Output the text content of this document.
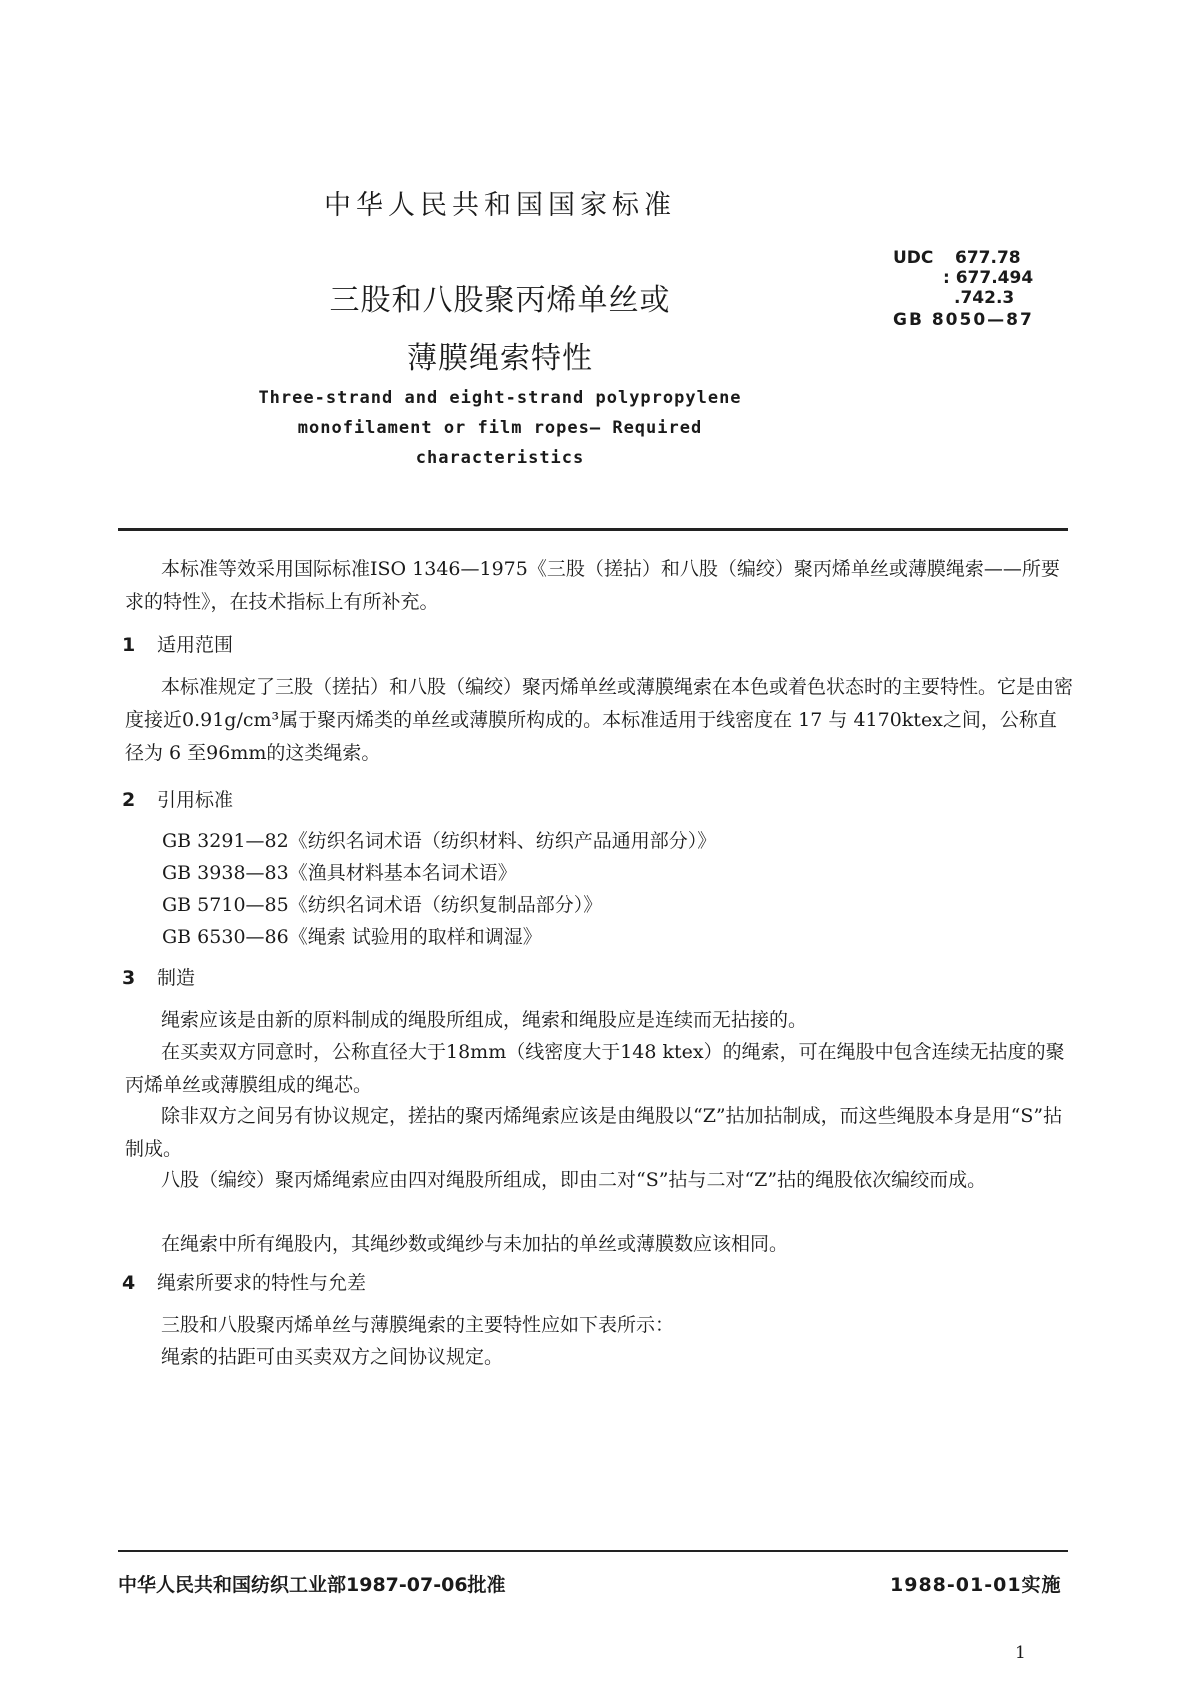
中华人民共和国国家标准
三股和八股聚丙烯单丝或
薄膜绳索特性
Three-strand and eight-strand polypropylene
monofilament or film ropes— Required
characteristics
UDC 677.78
: 677.494
.742.3
GB 8050—87
本标准等效采用国际标准ISO 1346—1975《三股（搓拈）和八股（编绞）聚丙烯单丝或薄膜绳索——所要求的特性》，在技术指标上有所补充。
1 适用范围
本标准规定了三股（搓拈）和八股（编绞）聚丙烯单丝或薄膜绳索在本色或着色状态时的主要特性。它是由密度接近0.91g/cm³属于聚丙烯类的单丝或薄膜所构成的。本标准适用于线密度在 17 与 4170ktex之间，公称直径为 6 至96mm的这类绳索。
2 引用标准
GB 3291—82《纺织名词术语（纺织材料、纺织产品通用部分）》
GB 3938—83《渔具材料基本名词术语》
GB 5710—85《纺织名词术语（纺织复制品部分）》
GB 6530—86《绳索 试验用的取样和调湿》
3 制造
绳索应该是由新的原料制成的绳股所组成，绳索和绳股应是连续而无拈接的。
在买卖双方同意时，公称直径大于18mm（线密度大于148 ktex）的绳索，可在绳股中包含连续无拈度的聚丙烯单丝或薄膜组成的绳芯。
除非双方之间另有协议规定，搓拈的聚丙烯绳索应该是由绳股以“Z”拈加拈制成，而这些绳股本身是用“S”拈制成。
八股（编绞）聚丙烯绳索应由四对绳股所组成，即由二对“S”拈与二对“Z”拈的绳股依次编绞而成。
在绳索中所有绳股内，其绳纱数或绳纱与未加拈的单丝或薄膜数应该相同。
4 绳索所要求的特性与允差
三股和八股聚丙烯单丝与薄膜绳索的主要特性应如下表所示：
绳索的拈距可由买卖双方之间协议规定。
中华人民共和国纺织工业部1987-07-06批准	1988-01-01实施
1
